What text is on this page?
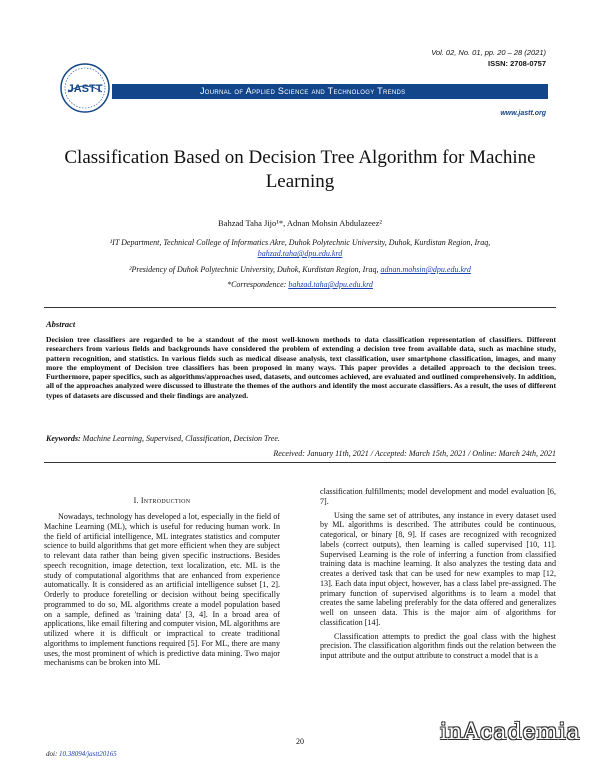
JASTT
Vol. 02, No. 01, pp. 20 – 28 (2021)
ISSN: 2708-0757
Journal of Applied Science and Technology Trends
www.jastt.org
Classification Based on Decision Tree Algorithm for Machine Learning
Bahzad Taha Jijo¹*, Adnan Mohsin Abdulazeez²
¹IT Department, Technical College of Informatics Akre, Duhok Polytechnic University, Duhok, Kurdistan Region, Iraq,
bahzad.taha@dpu.edu.krd
²Presidency of Duhok Polytechnic University, Duhok, Kurdistan Region, Iraq, adnan.mohsin@dpu.edu.krd
*Correspondence: bahzad.taha@dpu.edu.krd
Abstract
Decision tree classifiers are regarded to be a standout of the most well-known methods to data classification representation of classifiers. Different researchers from various fields and backgrounds have considered the problem of extending a decision tree from available data, such as machine study, pattern recognition, and statistics. In various fields such as medical disease analysis, text classification, user smartphone classification, images, and many more the employment of Decision tree classifiers has been proposed in many ways. This paper provides a detailed approach to the decision trees. Furthermore, paper specifics, such as algorithms/approaches used, datasets, and outcomes achieved, are evaluated and outlined comprehensively. In addition, all of the approaches analyzed were discussed to illustrate the themes of the authors and identify the most accurate classifiers. As a result, the uses of different types of datasets are discussed and their findings are analyzed.
Keywords: Machine Learning, Supervised, Classification, Decision Tree.
Received: January 11th, 2021 / Accepted: March 15th, 2021 / Online: March 24th, 2021
I. Introduction

Nowadays, technology has developed a lot, especially in the field of Machine Learning (ML), which is useful for reducing human work. In the field of artificial intelligence, ML integrates statistics and computer science to build algorithms that get more efficient when they are subject to relevant data rather than being given specific instructions. Besides speech recognition, image detection, text localization, etc. ML is the study of computational algorithms that are enhanced from experience automatically. It is considered as an artificial intelligence subset [1, 2]. Orderly to produce foretelling or decision without being specifically programmed to do so, ML algorithms create a model population based on a sample, defined as 'training data' [3, 4]. In a broad area of applications, like email filtering and computer vision, ML algorithms are utilized where it is difficult or impractical to create traditional algorithms to implement functions required [5]. For ML, there are many uses, the most prominent of which is predictive data mining. Two major mechanisms can be broken into ML

classification fulfillments; model development and model evaluation [6, 7].

Using the same set of attributes, any instance in every dataset used by ML algorithms is described. The attributes could be continuous, categorical, or binary [8, 9]. If cases are recognized with recognized labels (correct outputs), then learning is called supervised [10, 11]. Supervised Learning is the role of inferring a function from classified training data is machine learning. It also analyzes the testing data and creates a derived task that can be used for new examples to map [12, 13]. Each data input object, however, has a class label pre-assigned. The primary function of supervised algorithms is to learn a model that creates the same labeling preferably for the data offered and generalizes well on unseen data. This is the major aim of algorithms for classification [14].

Classification attempts to predict the goal class with the highest precision. The classification algorithm finds out the relation between the input attribute and the output attribute to construct a model that is a

20
doi: 10.38094/jastt20165
inAcademia
